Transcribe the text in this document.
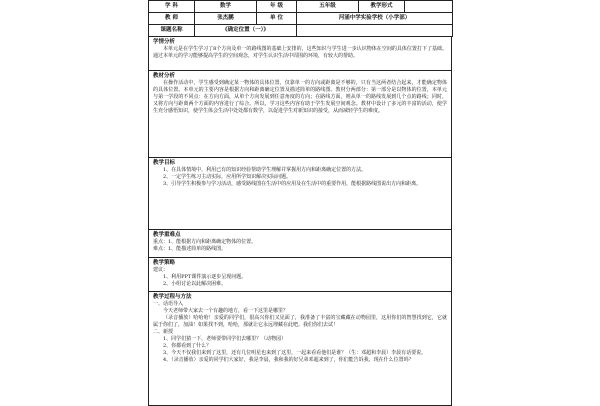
学 科	数学	年 级	五年级	教学形式	
教 师	张杰鹏	单 位	河涌中学实验学校（小学部）		
课题名称	《确定位置（一）》				
学情分析

本单元是在学生学习了8个方向及单一的路线图的基础上安排的，这些知识与学生进一步认识物体在空间的具体位置打下了基础。通过本单元的学习能够提高学生的空间观念，对学生认识生活中周围的环境，有较大的帮助。

教材分析

在操作活动中，学生感受到确定某一物体的具体位置，仅靠单一的方向或距离是不够的，只有当这两者结合起来，才能确定物体的具体位置。本单元的主要内容是根据方向和距离确定位置及描述简单的路线图。教材分两部分：第一部分是以物体的位置，本单元与第一学段的不同点：在方向方面，从单个方向发展到任意角度的方向；在路线方面，则从单一的路线发展到几个点的路线；同时，又将方向与距离两个方面的内容进行了综合。所以，学习这些内容有助于学生发展空间观念。教材中设计了多元的丰富的活动，使学生充分感悟知识，使学生体会生活中处处都有数学，以促进学生对新知识的接受，从而减轻学生的难度。

教学目标

1、在具体情境中，利用已有的知识经验帮助学生理解并掌握用方向和距离确定位置的方法。

2、一定学生练习主动实际，应用所学知识解决实际问题。

3、引导学生积极参与学习活动，感受路线图在生活中的应用及在生活中的重要作用，能根据路线图说出方向和距离。

教学重难点

重点：1、能根据方向和距离确定物体的位置。

难点：1、能描述简单的路线图。

教学策略

建议：

1、利用PPT课件演示逐步呈现问题。

2、小组讨论以此解决困难。

教学过程与方法

一、话语导入

今天老师带大家去一个有趣的地方，看一下这里是哪里？

（录音播放）哈哈哈！亲爱的同学们，很高兴你们又见面了，我准备了丰富的宝藏藏在动物园里，这用你们的智慧找到它，它就属于你们了，加油！如果找不到，哈哈，那就让它永远埋藏在此吧。我们你们去试！

二、新授

1、同学们猜一下，老师要带同学们去哪里？（动物园）

2、你都看到了什么？

3、今天不仅我们来到了这里，还有几位明星也来到了这里，一起来看看他们是谁？（生：邓超和李晨）李晨有话要说。

4、（录音播放）亲爱的同学们大家好，我是李晨，我和我的好兄弟邓超来到了，你们能告诉我，现在什么位置吗？
